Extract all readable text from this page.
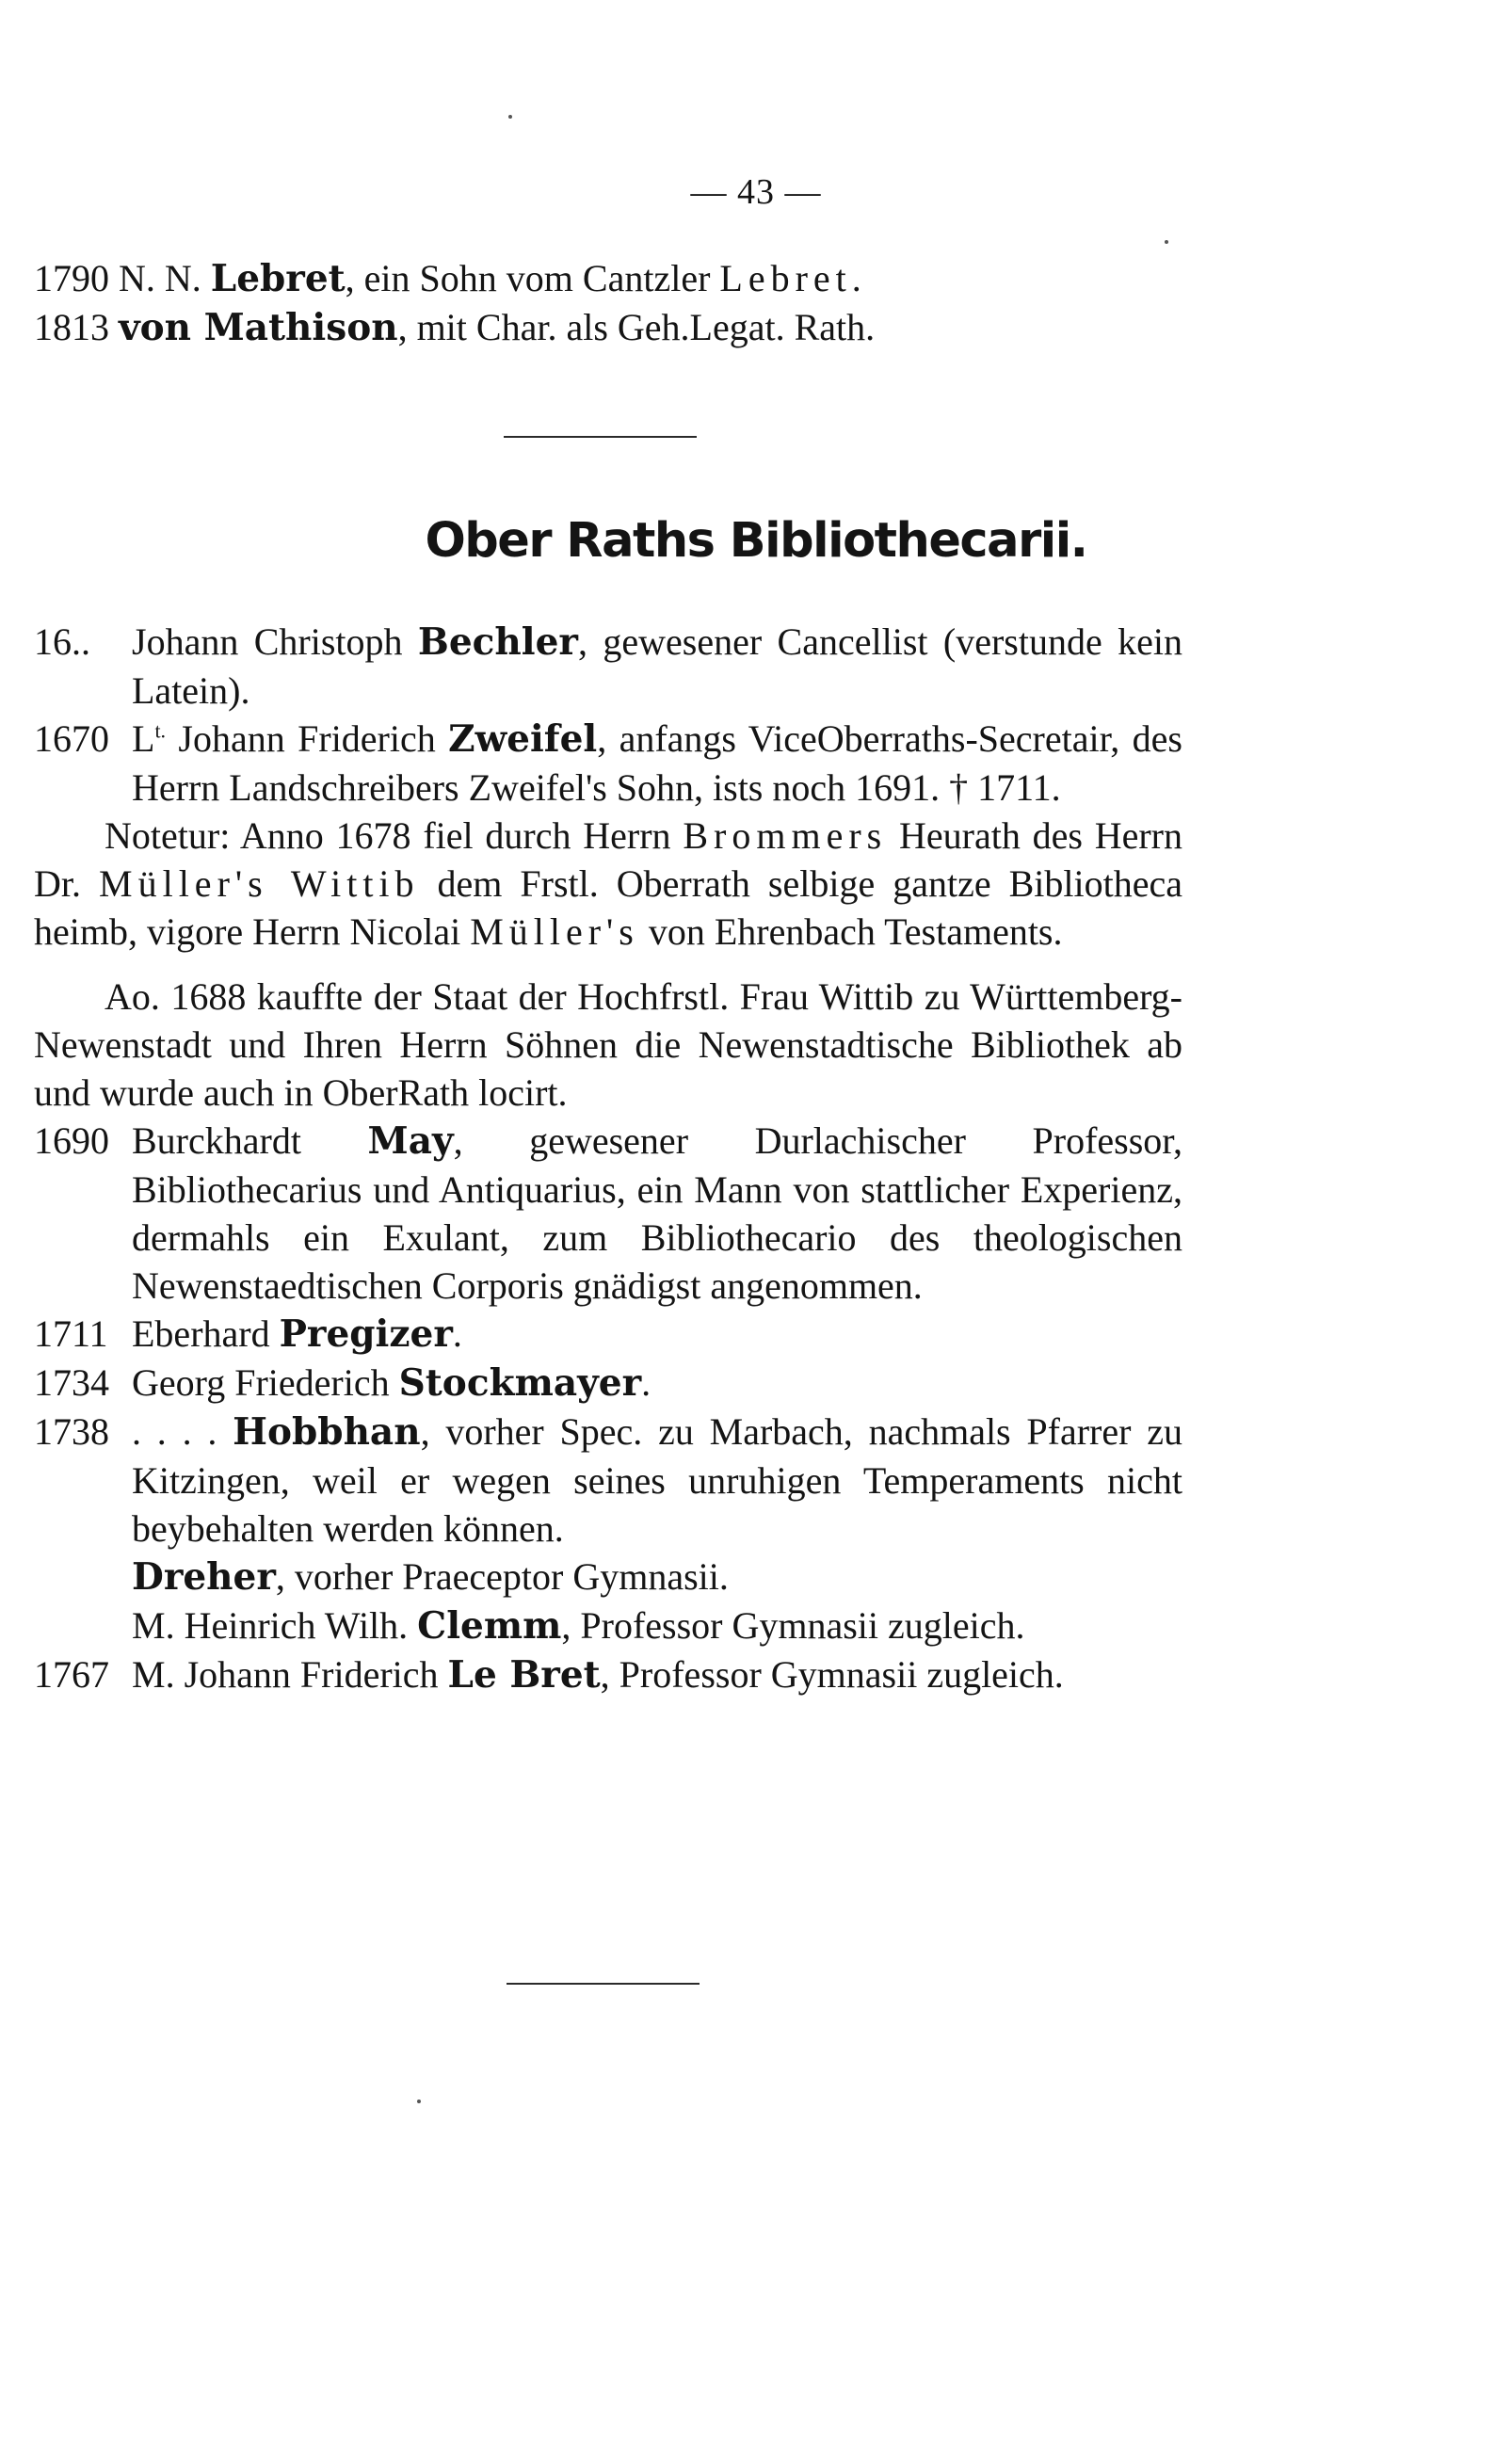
— 43 —
1790 N. N. Lebret, ein Sohn vom Cantzler Lebret.
1813 von Mathison, mit Char. als Geh.Legat. Rath.
Ober Raths Bibliothecarii.
16.. Johann Christoph Bechler, gewesener Cancellist (verstunde kein Latein).
1670 $L^{t.}$ Johann Friderich Zweifel, anfangs ViceOberraths-Secretair, des Herrn Landschreibers Zweifel's Sohn, ists noch 1691. † 1711.
Notetur: Anno 1678 fiel durch Herrn Brommers Heurath des Herrn Dr. Müller's Wittib dem Frstl. Oberrath selbige gantze Bibliotheca heimb, vigore Herrn Nicolai Müller's von Ehrenbach Testaments.
Ao. 1688 kauffte der Staat der Hochfrstl. Frau Wittib zu Württemberg-Newenstadt und Ihren Herrn Söhnen die Newenstadtische Bibliothek ab und wurde auch in OberRath locirt.
1690 Burckhardt May, gewesener Durlachischer Professor, Bibliothecarius und Antiquarius, ein Mann von stattlicher Experienz, dermahls ein Exulant, zum Bibliothecario des theologischen Newenstaedtischen Corporis gnädigst angenommen.
1711 Eberhard Pregizer.
1734 Georg Friederich Stockmayer.
1738 . . . . Hobbhan, vorher Spec. zu Marbach, nachmals Pfarrer zu Kitzingen, weil er wegen seines unruhigen Temperaments nicht beybehalten werden können.
Dreher, vorher Praeceptor Gymnasii.
M. Heinrich Wilh. Clemm, Professor Gymnasii zugleich.
1767 M. Johann Friderich Le Bret, Professor Gymnasii zugleich.
